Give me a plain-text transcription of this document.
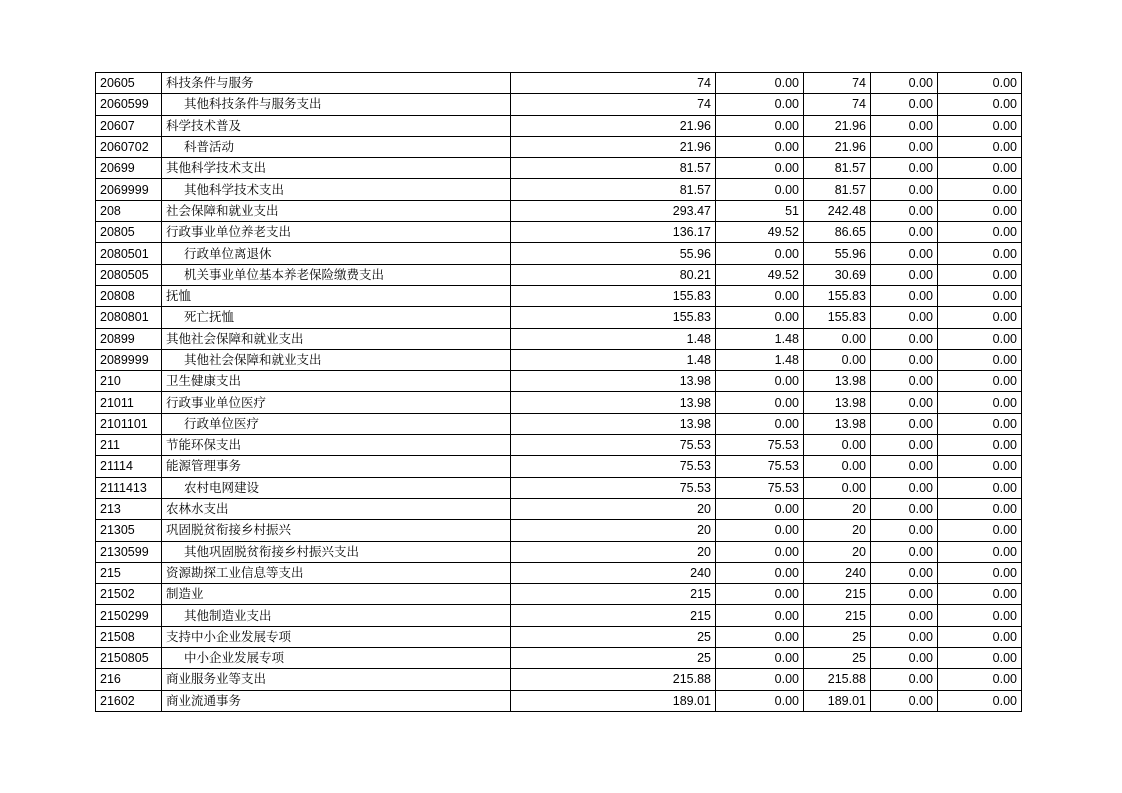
20605	科技条件与服务	74	0.00	74	0.00	0.00	
2060599	其他科技条件与服务支出	74	0.00	74	0.00	0.00	
20607	科学技术普及	21.96	0.00	21.96	0.00	0.00	
2060702	科普活动	21.96	0.00	21.96	0.00	0.00	
20699	其他科学技术支出	81.57	0.00	81.57	0.00	0.00	
2069999	其他科学技术支出	81.57	0.00	81.57	0.00	0.00	
208	社会保障和就业支出	293.47	51	242.48	0.00	0.00	
20805	行政事业单位养老支出	136.17	49.52	86.65	0.00	0.00	
2080501	行政单位离退休	55.96	0.00	55.96	0.00	0.00	
2080505	机关事业单位基本养老保险缴费支出	80.21	49.52	30.69	0.00	0.00	
20808	抚恤	155.83	0.00	155.83	0.00	0.00	
2080801	死亡抚恤	155.83	0.00	155.83	0.00	0.00	
20899	其他社会保障和就业支出	1.48	1.48	0.00	0.00	0.00	
2089999	其他社会保障和就业支出	1.48	1.48	0.00	0.00	0.00	
210	卫生健康支出	13.98	0.00	13.98	0.00	0.00	
21011	行政事业单位医疗	13.98	0.00	13.98	0.00	0.00	
2101101	行政单位医疗	13.98	0.00	13.98	0.00	0.00	
211	节能环保支出	75.53	75.53	0.00	0.00	0.00	
21114	能源管理事务	75.53	75.53	0.00	0.00	0.00	
2111413	农村电网建设	75.53	75.53	0.00	0.00	0.00	
213	农林水支出	20	0.00	20	0.00	0.00	
21305	巩固脱贫衔接乡村振兴	20	0.00	20	0.00	0.00	
2130599	其他巩固脱贫衔接乡村振兴支出	20	0.00	20	0.00	0.00	
215	资源勘探工业信息等支出	240	0.00	240	0.00	0.00	
21502	制造业	215	0.00	215	0.00	0.00	
2150299	其他制造业支出	215	0.00	215	0.00	0.00	
21508	支持中小企业发展专项	25	0.00	25	0.00	0.00	
2150805	中小企业发展专项	25	0.00	25	0.00	0.00	
216	商业服务业等支出	215.88	0.00	215.88	0.00	0.00	
21602	商业流通事务	189.01	0.00	189.01	0.00	0.00	
